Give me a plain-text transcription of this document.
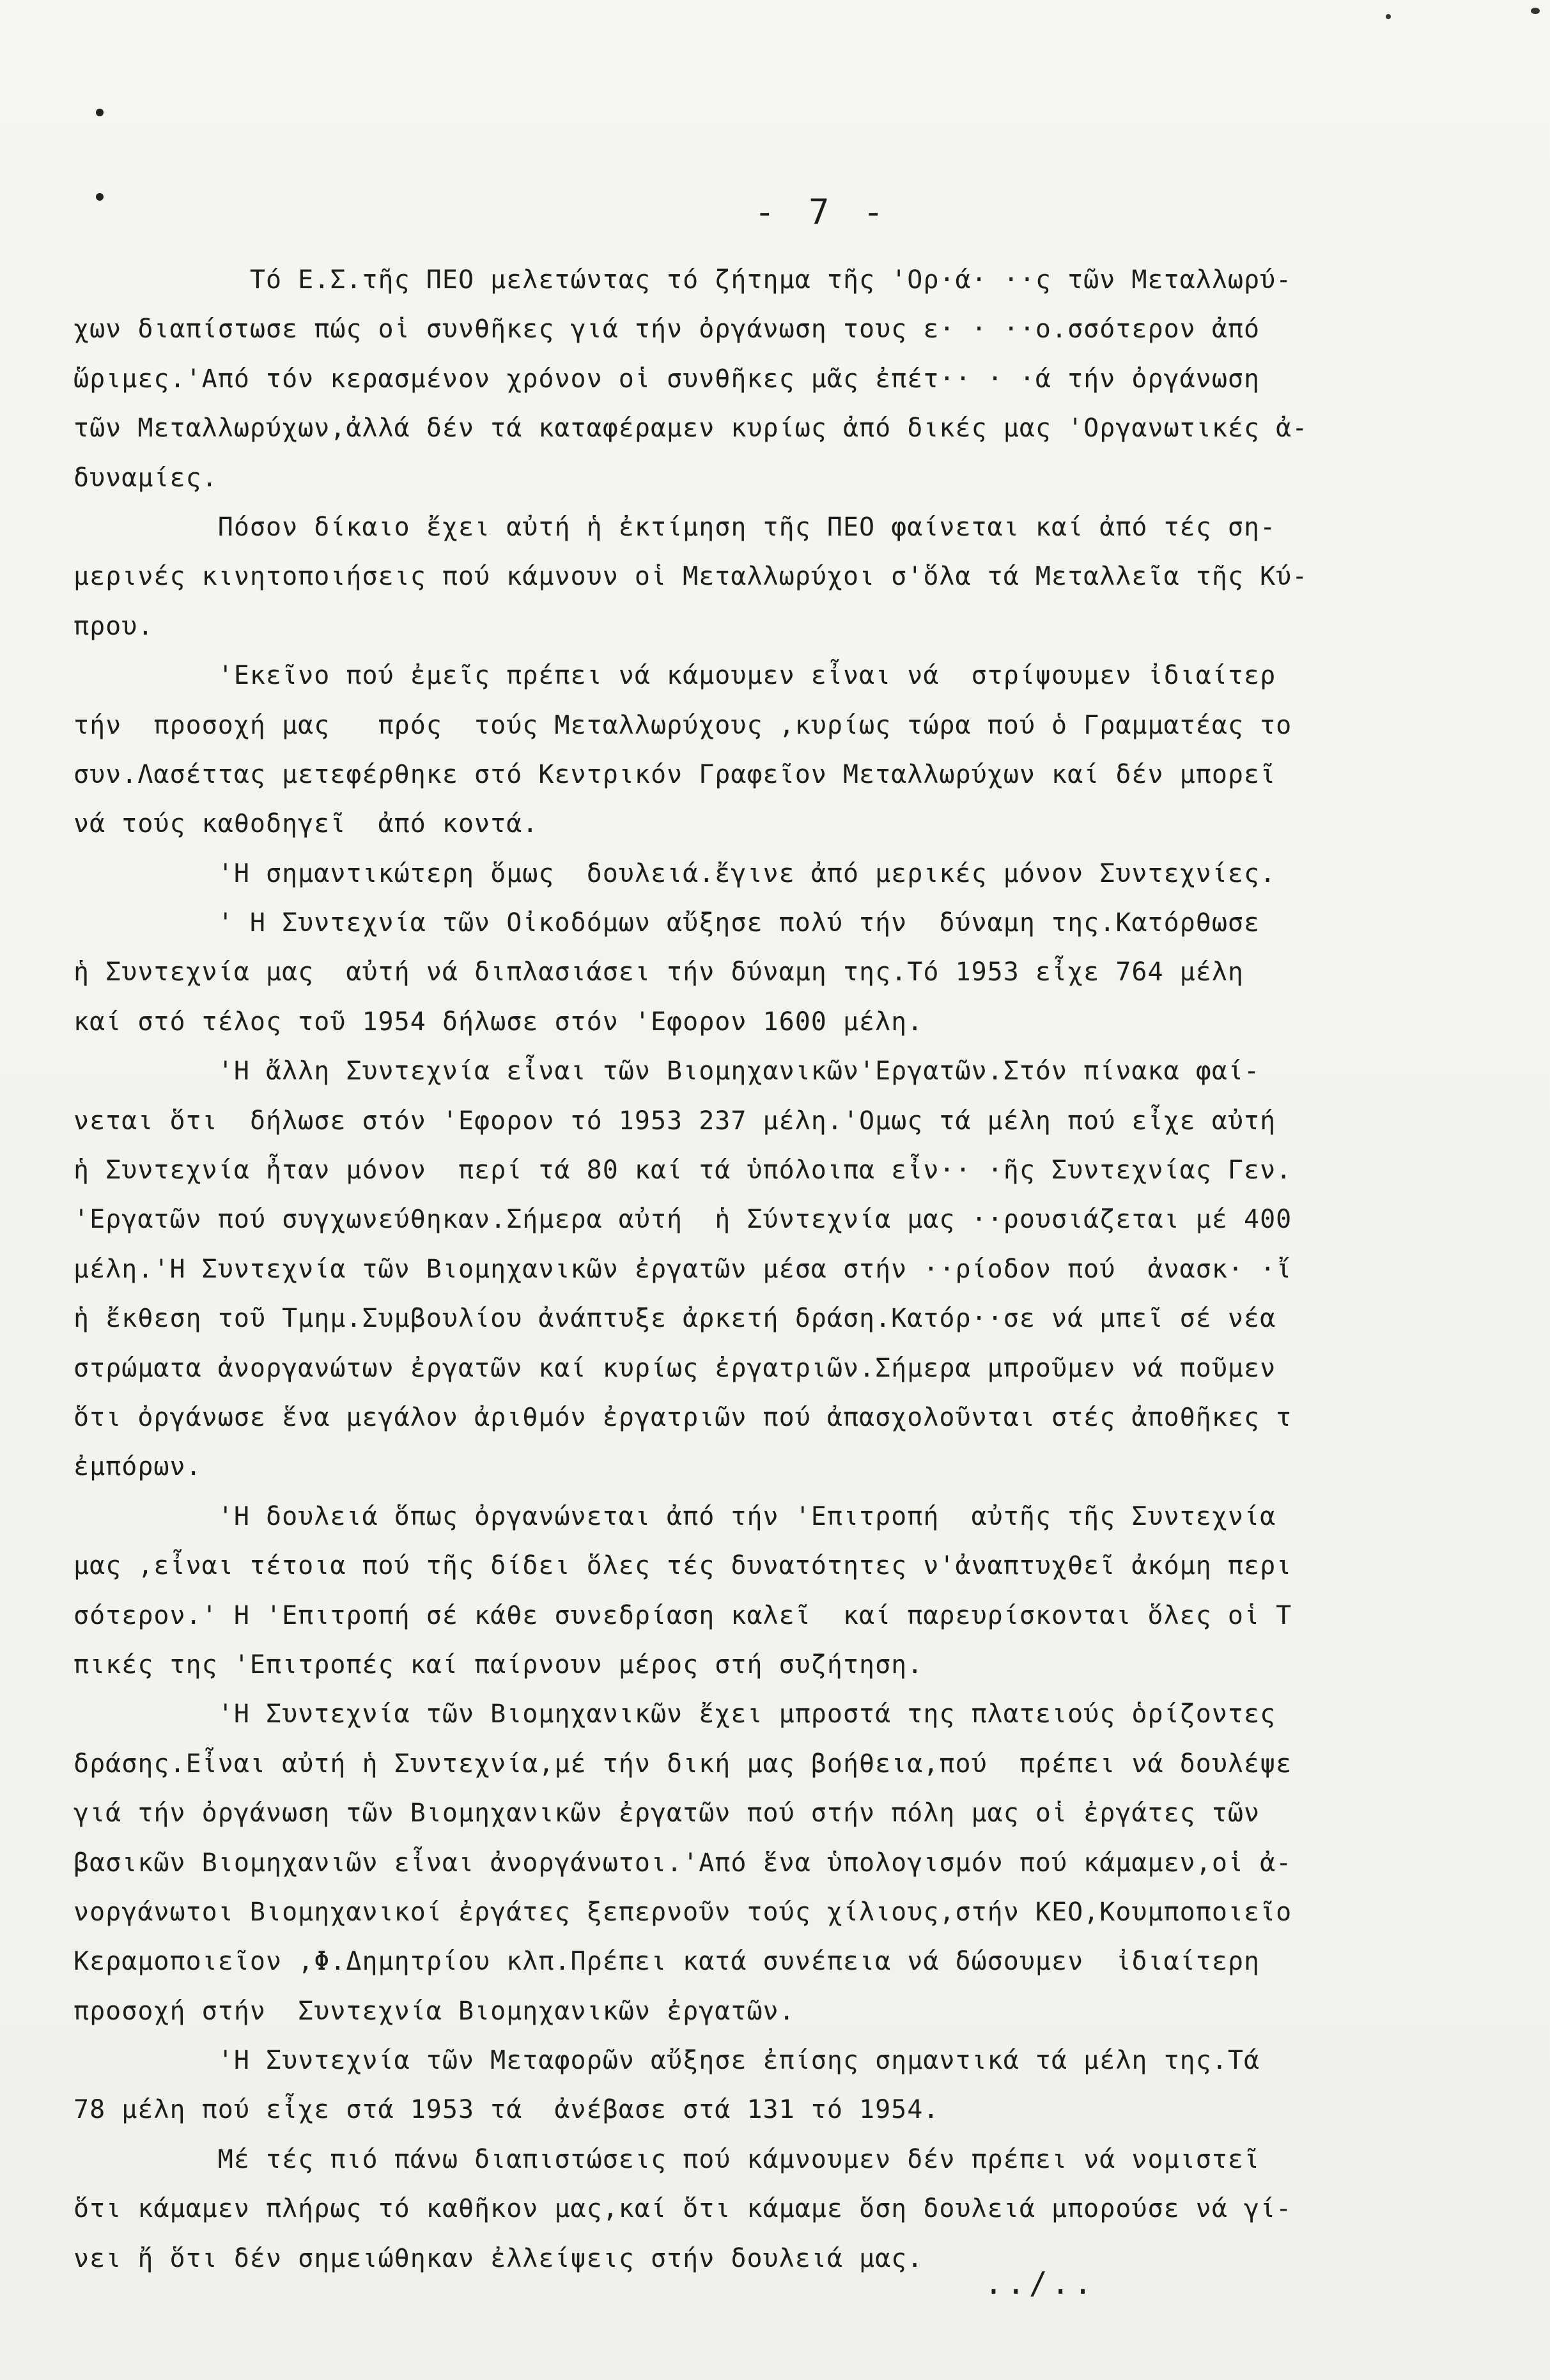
- 7 -
Τό Ε.Σ.τῆς ΠΕΟ μελετώντας τό ζήτημα τῆς 'Ορ·ά· ··ς τῶν Μεταλλωρύ-
χων διαπίστωσε πώς οἱ συνθῆκες γιά τήν ὀργάνωση τους ε· · ··ο.σσότερον ἀπό
ὥριμες.'Από τόν κερασμένον χρόνον οἱ συνθῆκες μᾶς ἐπέτ·· · ·ά τήν ὀργάνωση
τῶν Μεταλλωρύχων,ἀλλά δέν τά καταφέραμεν κυρίως ἀπό δικές μας 'Οργανωτικές ἀ-
δυναμίες.
Πόσον δίκαιο ἔχει αὐτή ἡ ἐκτίμηση τῆς ΠΕΟ φαίνεται καί ἀπό τές ση-
μερινές κινητοποιήσεις πού κάμνουν οἱ Μεταλλωρύχοι σ'ὅλα τά Μεταλλεῖα τῆς Κύ-
πρου.
'Εκεῖνο πού ἐμεῖς πρέπει νά κάμουμεν εἶναι νά  στρίψουμεν ἰδιαίτερ
τήν  προσοχή μας   πρός  τούς Μεταλλωρύχους ,κυρίως τώρα πού ὁ Γραμματέας το
συν.Λασέττας μετεφέρθηκε στό Κεντρικόν Γραφεῖον Μεταλλωρύχων καί δέν μπορεῖ
νά τούς καθοδηγεῖ  ἀπό κοντά.
'Η σημαντικώτερη ὅμως  δουλειά.ἔγινε ἀπό μερικές μόνον Συντεχνίες.
' Η Συντεχνία τῶν Οἰκοδόμων αὔξησε πολύ τήν  δύναμη της.Κατόρθωσε
ἡ Συντεχνία μας  αὐτή νά διπλασιάσει τήν δύναμη της.Τό 1953 εἶχε 764 μέλη
καί στό τέλος τοῦ 1954 δήλωσε στόν 'Εφορον 1600 μέλη.
'Η ἄλλη Συντεχνία εἶναι τῶν Βιομηχανικῶν'Εργατῶν.Στόν πίνακα φαί-
νεται ὅτι  δήλωσε στόν 'Εφορον τό 1953 237 μέλη.'Ομως τά μέλη πού εἶχε αὐτή
ἡ Συντεχνία ἦταν μόνον  περί τά 80 καί τά ὑπόλοιπα εἶν·· ·ῆς Συντεχνίας Γεν.
'Εργατῶν πού συγχωνεύθηκαν.Σήμερα αὐτή  ἡ Σύντεχνία μας ··ρουσιάζεται μέ 400
μέλη.'Η Συντεχνία τῶν Βιομηχανικῶν ἐργατῶν μέσα στήν ··ρίοδον πού  ἀνασκ· ·ἴ
ἡ ἔκθεση τοῦ Τμημ.Συμβουλίου ἀνάπτυξε ἀρκετή δράση.Κατόρ··σε νά μπεῖ σέ νέα
στρώματα ἀνοργανώτων ἐργατῶν καί κυρίως ἐργατριῶν.Σήμερα μπροῦμεν νά ποῦμεν
ὅτι ὀργάνωσε ἕνα μεγάλον ἀριθμόν ἐργατριῶν πού ἀπασχολοῦνται στές ἀποθῆκες τ
ἐμπόρων.
'Η δουλειά ὅπως ὀργανώνεται ἀπό τήν 'Επιτροπή  αὐτῆς τῆς Συντεχνία
μας ,εἶναι τέτοια πού τῆς δίδει ὅλες τές δυνατότητες ν'ἀναπτυχθεῖ ἀκόμη περι
σότερον.' Η 'Επιτροπή σέ κάθε συνεδρίαση καλεῖ  καί παρευρίσκονται ὅλες οἱ Τ
πικές της 'Επιτροπές καί παίρνουν μέρος στή συζήτηση.
'Η Συντεχνία τῶν Βιομηχανικῶν ἔχει μπροστά της πλατειούς ὁρίζοντες
δράσης.Εἶναι αὐτή ἡ Συντεχνία,μέ τήν δική μας βοήθεια,πού  πρέπει νά δουλέψε
γιά τήν ὀργάνωση τῶν Βιομηχανικῶν ἐργατῶν πού στήν πόλη μας οἱ ἐργάτες τῶν
βασικῶν Βιομηχανιῶν εἶναι ἀνοργάνωτοι.'Από ἕνα ὑπολογισμόν πού κάμαμεν,οἱ ἀ-
νοργάνωτοι Βιομηχανικοί ἐργάτες ξεπερνοῦν τούς χίλιους,στήν ΚΕΟ,Κουμποποιεῖο
Κεραμοποιεῖον ,Φ.Δημητρίου κλπ.Πρέπει κατά συνέπεια νά δώσουμεν  ἰδιαίτερη
προσοχή στήν  Συντεχνία Βιομηχανικῶν ἐργατῶν.
'Η Συντεχνία τῶν Μεταφορῶν αὔξησε ἐπίσης σημαντικά τά μέλη της.Τά
78 μέλη πού εἶχε στά 1953 τά  ἀνέβασε στά 131 τό 1954.
Μέ τές πιό πάνω διαπιστώσεις πού κάμνουμεν δέν πρέπει νά νομιστεῖ
ὅτι κάμαμεν πλήρως τό καθῆκον μας,καί ὅτι κάμαμε ὅση δουλειά μπορούσε νά γί-
νει ἤ ὅτι δέν σημειώθηκαν ἐλλείψεις στήν δουλειά μας.
../..
